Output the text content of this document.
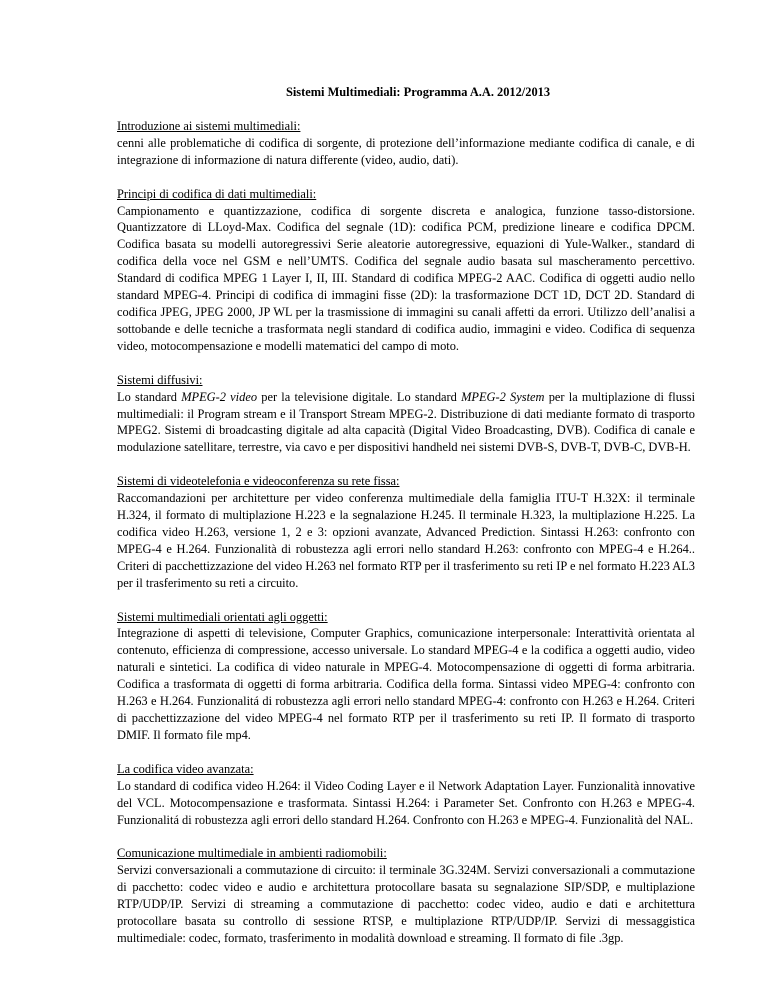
Sistemi Multimediali: Programma A.A. 2012/2013

Introduzione ai sistemi multimediali:

cenni alle problematiche di codifica di sorgente, di protezione dell’informazione mediante codifica di canale, e di integrazione di informazione di natura differente (video, audio, dati).

Principi di codifica di dati multimediali:

Campionamento e quantizzazione, codifica di sorgente discreta e analogica, funzione tasso-distorsione. Quantizzatore di LLoyd-Max. Codifica del segnale (1D): codifica PCM, predizione lineare e codifica DPCM. Codifica basata su modelli autoregressivi Serie aleatorie autoregressive, equazioni di Yule-Walker., standard di codifica della voce nel GSM e nell’UMTS. Codifica del segnale audio basata sul mascheramento percettivo. Standard di codifica MPEG 1 Layer I, II, III. Standard di codifica MPEG-2 AAC. Codifica di oggetti audio nello standard MPEG-4. Principi di codifica di immagini fisse (2D): la trasformazione DCT 1D, DCT 2D. Standard di codifica JPEG, JPEG 2000, JP WL per la trasmissione di immagini su canali affetti da errori. Utilizzo dell’analisi a sottobande e delle tecniche a trasformata negli standard di codifica audio, immagini e video. Codifica di sequenza video, motocompensazione e modelli matematici del campo di moto.

Sistemi diffusivi:

Lo standard MPEG-2 video per la televisione digitale. Lo standard MPEG-2 System per la multiplazione di flussi multimediali: il Program stream e il Transport Stream MPEG-2. Distribuzione di dati mediante formato di trasporto MPEG2. Sistemi di broadcasting digitale ad alta capacità (Digital Video Broadcasting, DVB). Codifica di canale e modulazione satellitare, terrestre, via cavo e per dispositivi handheld nei sistemi DVB-S, DVB-T, DVB-C, DVB-H.

Sistemi di videotelefonia e videoconferenza su rete fissa:

Raccomandazioni per architetture per video conferenza multimediale della famiglia ITU-T H.32X: il terminale H.324, il formato di multiplazione H.223 e la segnalazione H.245. Il terminale H.323, la multiplazione H.225. La codifica video H.263, versione 1, 2 e 3: opzioni avanzate, Advanced Prediction. Sintassi H.263: confronto con MPEG-4 e H.264. Funzionalità di robustezza agli errori nello standard H.263: confronto con MPEG-4 e H.264.. Criteri di pacchettizzazione del video H.263 nel formato RTP per il trasferimento su reti IP e nel formato H.223 AL3 per il trasferimento su reti a circuito.

Sistemi multimediali orientati agli oggetti:

Integrazione di aspetti di televisione, Computer Graphics, comunicazione interpersonale: Interattività orientata al contenuto, efficienza di compressione, accesso universale. Lo standard MPEG-4 e la codifica a oggetti audio, video naturali e sintetici. La codifica di video naturale in MPEG-4. Motocompensazione di oggetti di forma arbitraria. Codifica a trasformata di oggetti di forma arbitraria. Codifica della forma. Sintassi video MPEG-4: confronto con H.263 e H.264. Funzionalitá di robustezza agli errori nello standard MPEG-4: confronto con H.263 e H.264. Criteri di pacchettizzazione del video MPEG-4 nel formato RTP per il trasferimento su reti IP. Il formato di trasporto DMIF. Il formato file mp4.

La codifica video avanzata:

Lo standard di codifica video H.264: il Video Coding Layer e il Network Adaptation Layer. Funzionalità innovative del VCL. Motocompensazione e trasformata. Sintassi H.264: i Parameter Set. Confronto con H.263 e MPEG-4. Funzionalitá di robustezza agli errori dello standard H.264. Confronto con H.263 e MPEG-4. Funzionalità del NAL.

Comunicazione multimediale in ambienti radiomobili:

Servizi conversazionali a commutazione di circuito: il terminale 3G.324M. Servizi conversazionali a commutazione di pacchetto: codec video e audio e architettura protocollare basata su segnalazione SIP/SDP, e multiplazione RTP/UDP/IP. Servizi di streaming a commutazione di pacchetto: codec video, audio e dati e architettura protocollare basata su controllo di sessione RTSP, e multiplazione RTP/UDP/IP. Servizi di messaggistica multimediale: codec, formato, trasferimento in modalità download e streaming. Il formato di file .3gp.
